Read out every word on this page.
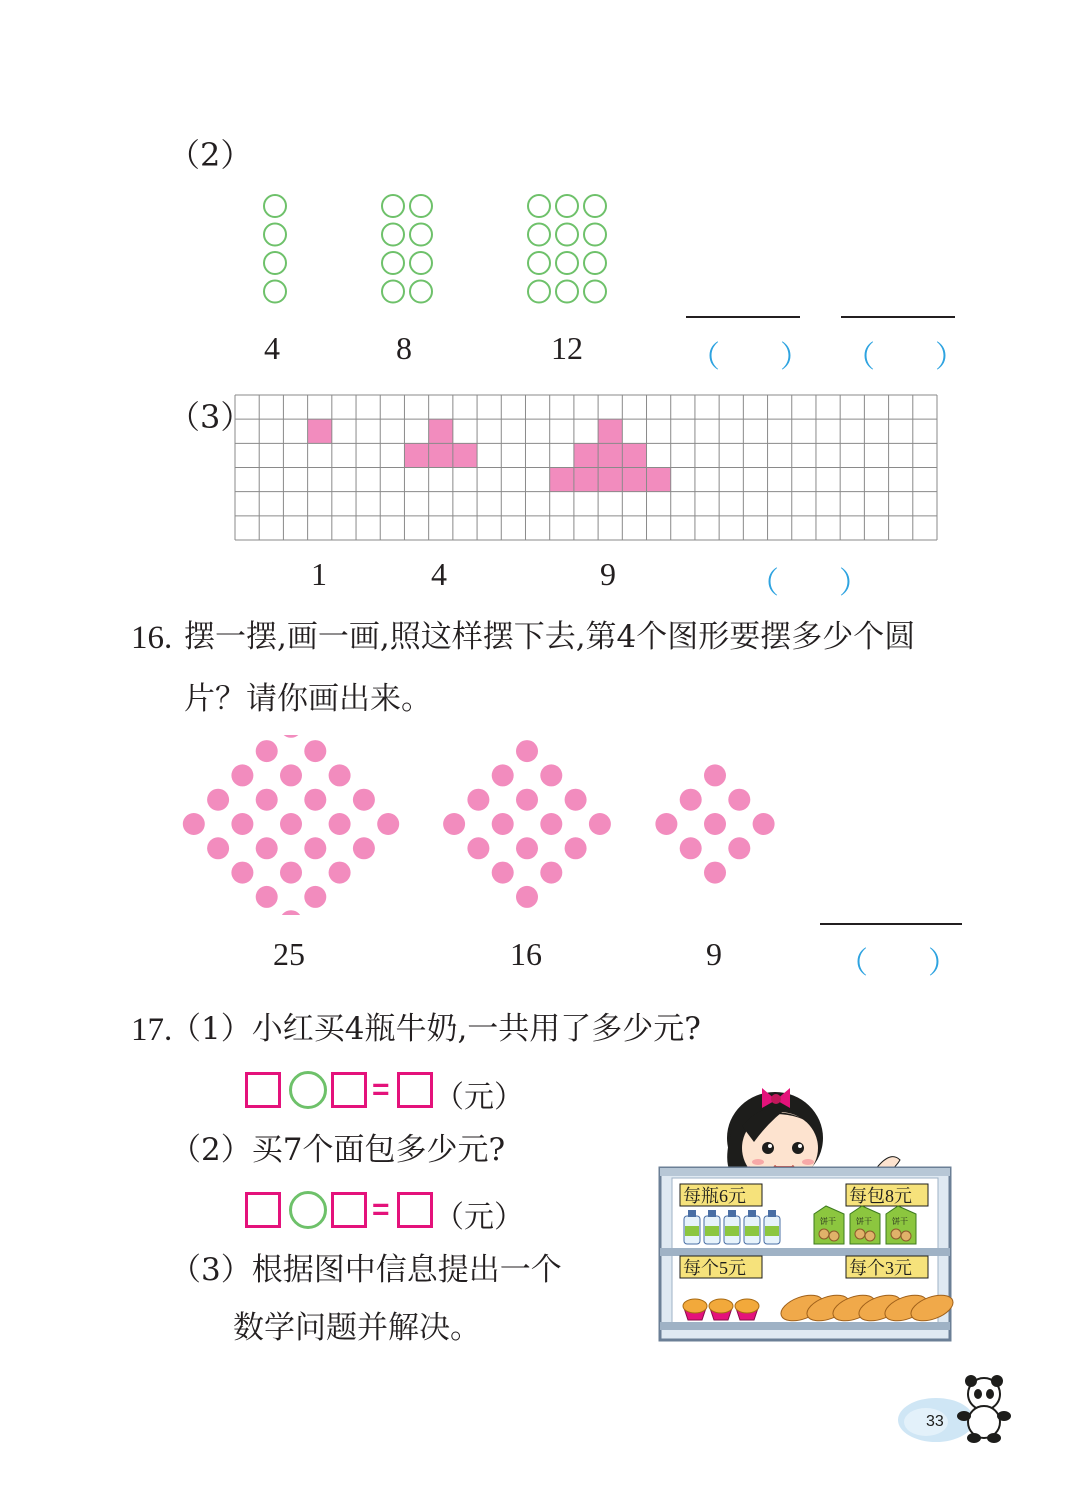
（2）
4	8	12	（　　） （　　）
（3）
1	4	9	（　　）
16. 摆一摆,画一画,照这样摆下去,第4个图形要摆多少个圆
片？请你画出来。
25	16	9	（　　）
17.
（1）小红买4瓶牛奶,一共用了多少元?
= （元）
（2）买7个面包多少元?
= （元）
（3）根据图中信息提出一个
数学问题并解决。
每瓶6元	每包8元
每个5元	每个3元
饼干	饼干	饼干
33
